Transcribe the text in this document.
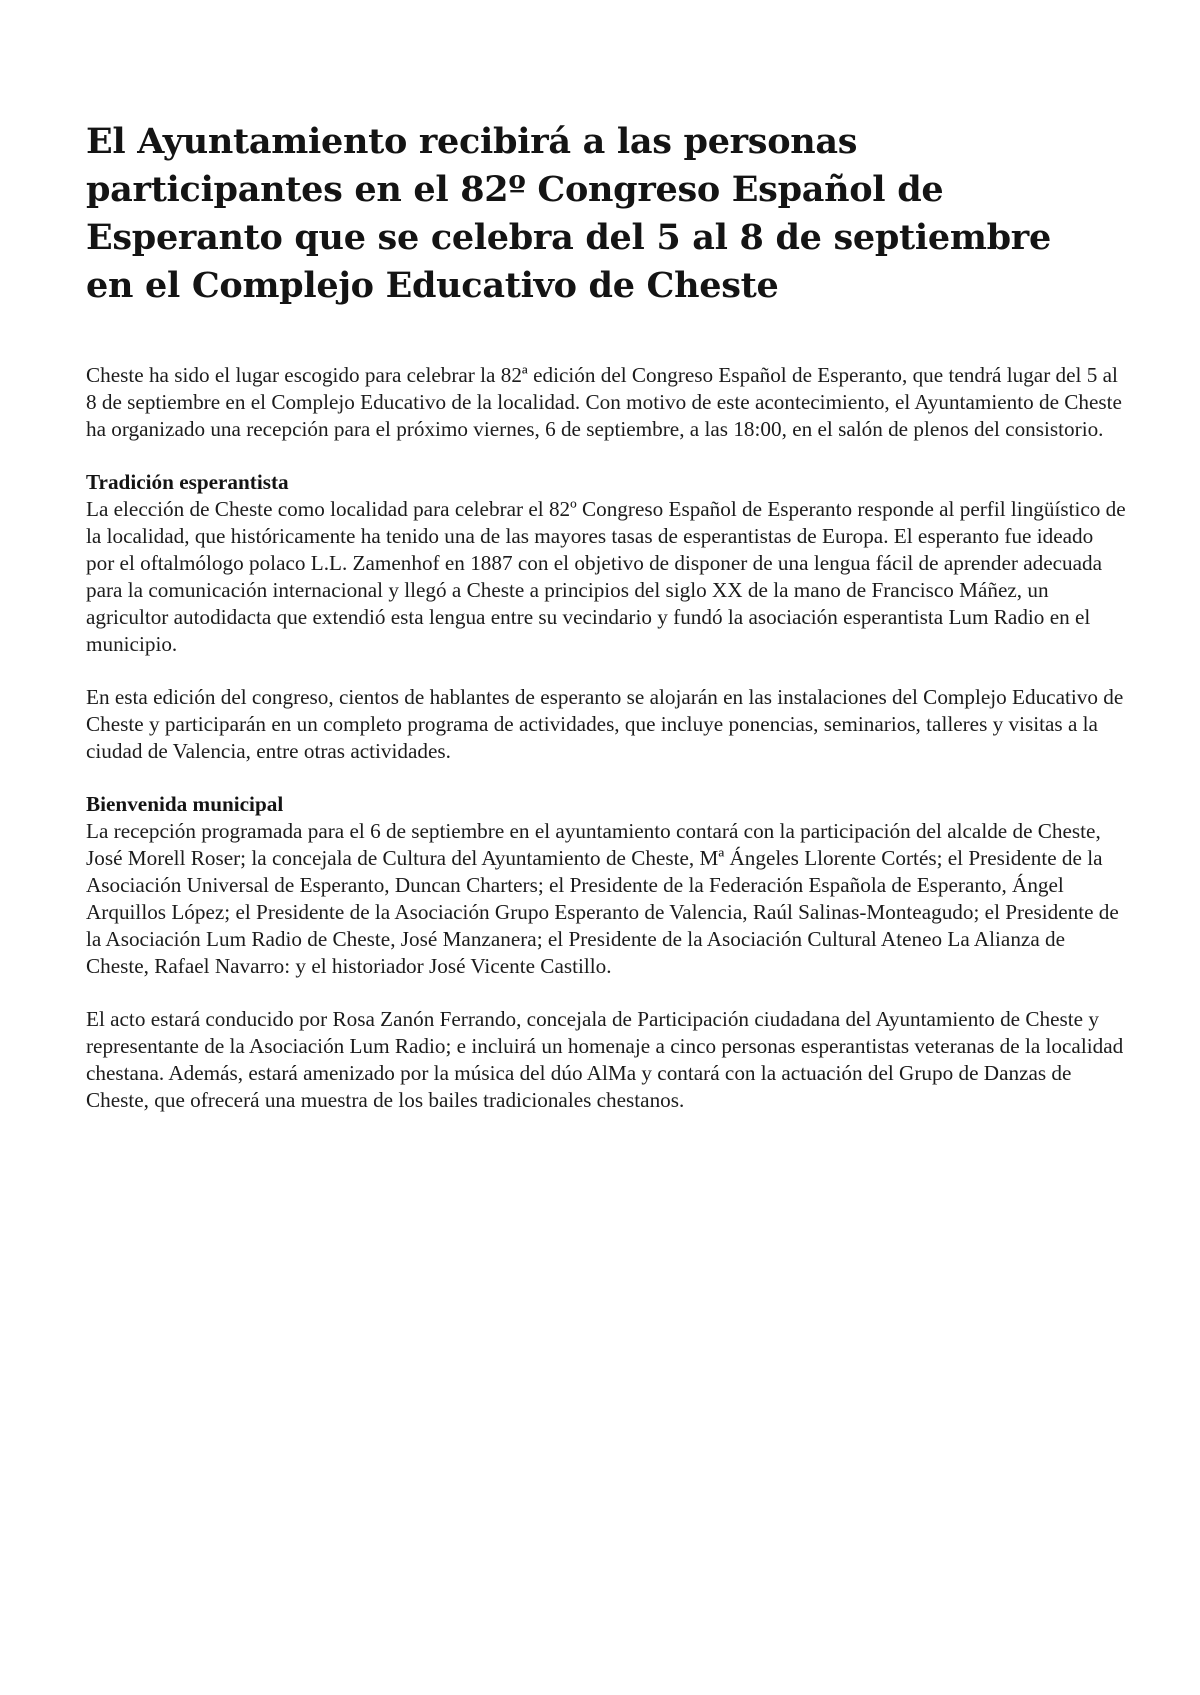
El Ayuntamiento recibirá a las personas participantes en el 82º Congreso Español de Esperanto que se celebra del 5 al 8 de septiembre en el Complejo Educativo de Cheste

Cheste ha sido el lugar escogido para celebrar la 82ª edición del Congreso Español de Esperanto, que tendrá lugar del 5 al 8 de septiembre en el Complejo Educativo de la localidad. Con motivo de este acontecimiento, el Ayuntamiento de Cheste ha organizado una recepción para el próximo viernes, 6 de septiembre, a las 18:00, en el salón de plenos del consistorio.

Tradición esperantista

La elección de Cheste como localidad para celebrar el 82º Congreso Español de Esperanto responde al perfil lingüístico de la localidad, que históricamente ha tenido una de las mayores tasas de esperantistas de Europa. El esperanto fue ideado por el oftalmólogo polaco L.L. Zamenhof en 1887 con el objetivo de disponer de una lengua fácil de aprender adecuada para la comunicación internacional y llegó a Cheste a principios del siglo XX de la mano de Francisco Máñez, un agricultor autodidacta que extendió esta lengua entre su vecindario y fundó la asociación esperantista Lum Radio en el municipio.

En esta edición del congreso, cientos de hablantes de esperanto se alojarán en las instalaciones del Complejo Educativo de Cheste y participarán en un completo programa de actividades, que incluye ponencias, seminarios, talleres y visitas a la ciudad de Valencia, entre otras actividades.

Bienvenida municipal

La recepción programada para el 6 de septiembre en el ayuntamiento contará con la participación del alcalde de Cheste, José Morell Roser; la concejala de Cultura del Ayuntamiento de Cheste, Mª Ángeles Llorente Cortés; el Presidente de la Asociación Universal de Esperanto, Duncan Charters; el Presidente de la Federación Española de Esperanto, Ángel Arquillos López; el Presidente de la Asociación Grupo Esperanto de Valencia, Raúl Salinas-Monteagudo; el Presidente de la Asociación Lum Radio de Cheste, José Manzanera; el Presidente de la Asociación Cultural Ateneo La Alianza de Cheste, Rafael Navarro: y el historiador José Vicente Castillo.

El acto estará conducido por Rosa Zanón Ferrando, concejala de Participación ciudadana del Ayuntamiento de Cheste y representante de la Asociación Lum Radio; e incluirá un homenaje a cinco personas esperantistas veteranas de la localidad chestana. Además, estará amenizado por la música del dúo AlMa y contará con la actuación del Grupo de Danzas de Cheste, que ofrecerá una muestra de los bailes tradicionales chestanos.
